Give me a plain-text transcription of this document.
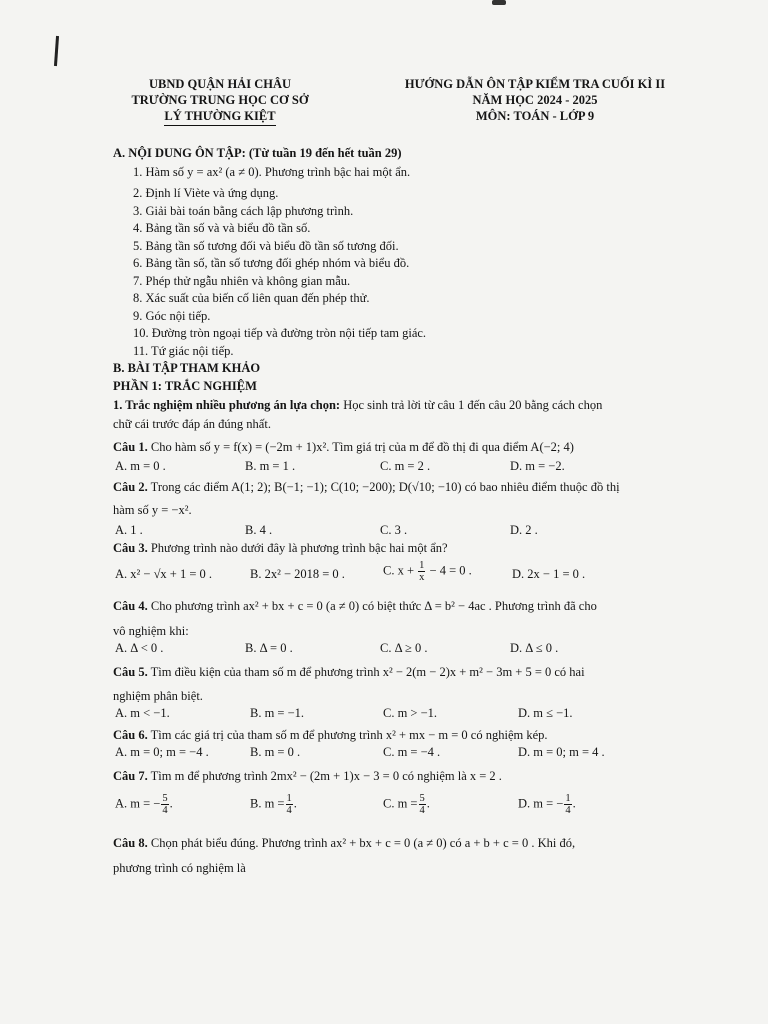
UBND QUẬN HẢI CHÂU
TRƯỜNG TRUNG HỌC CƠ SỞ
LÝ THƯỜNG KIỆT
HƯỚNG DẪN ÔN TẬP KIỂM TRA CUỐI KÌ II
NĂM HỌC 2024 - 2025
MÔN: TOÁN - LỚP 9
A. NỘI DUNG ÔN TẬP: (Từ tuần 19 đến hết tuần 29)
1. Hàm số y = ax² (a ≠ 0). Phương trình bậc hai một ẩn.
2. Định lí Viète và ứng dụng.
3. Giải bài toán bằng cách lập phương trình.
4. Bảng tần số và và biểu đồ tần số.
5. Bảng tần số tương đối và biểu đồ tần số tương đối.
6. Bảng tần số, tần số tương đối ghép nhóm và biểu đồ.
7. Phép thử ngẫu nhiên và không gian mẫu.
8. Xác suất của biến cố liên quan đến phép thử.
9. Góc nội tiếp.
10. Đường tròn ngoại tiếp và đường tròn nội tiếp tam giác.
11. Tứ giác nội tiếp.
B. BÀI TẬP THAM KHẢO
PHẦN 1: TRẮC NGHIỆM
1. Trắc nghiệm nhiều phương án lựa chọn: Học sinh trả lời từ câu 1 đến câu 20 bằng cách chọn
chữ cái trước đáp án đúng nhất.
Câu 1. Cho hàm số y = f(x) = (−2m + 1)x². Tìm giá trị của m để đồ thị đi qua điểm A(−2; 4)
A. m = 0 .	B. m = 1 .	C. m = 2 .	D. m = −2.
Câu 2. Trong các điểm A(1; 2); B(−1; −1); C(10; −200); D(√10; −10) có bao nhiêu điểm thuộc đồ thị
hàm số y = −x².
A. 1 .	B. 4 .	C. 3 .	D. 2 .
Câu 3. Phương trình nào dưới đây là phương trình bậc hai một ẩn?
A. x² − √x + 1 = 0 .	B. 2x² − 2018 = 0 .	C. $x + \frac{1}{x} - 4 = 0$ .	D. 2x − 1 = 0 .
Câu 4. Cho phương trình ax² + bx + c = 0 (a ≠ 0) có biệt thức Δ = b² − 4ac . Phương trình đã cho
vô nghiệm khi:
A. Δ < 0 .	B. Δ = 0 .	C. Δ ≥ 0 .	D. Δ ≤ 0 .
Câu 5. Tìm điều kiện của tham số m để phương trình x² − 2(m − 2)x + m² − 3m + 5 = 0 có hai
nghiệm phân biệt.
A. m < −1.	B. m = −1.	C. m > −1.	D. m ≤ −1.
Câu 6. Tìm các giá trị của tham số m để phương trình x² + mx − m = 0 có nghiệm kép.
A. m = 0; m = −4 .	B. m = 0 .	C. m = −4 .	D. m = 0; m = 4 .
Câu 7. Tìm m để phương trình 2mx² − (2m + 1)x − 3 = 0 có nghiệm là x = 2 .
A. m = − $\frac{5}{4}$ .	B. $m = \frac{1}{4}$ .	C. $m = \frac{5}{4}$ .	D. m = − $\frac{1}{4}$ .
Câu 8. Chọn phát biểu đúng. Phương trình ax² + bx + c = 0 (a ≠ 0) có a + b + c = 0 . Khi đó,
phương trình có nghiệm là
